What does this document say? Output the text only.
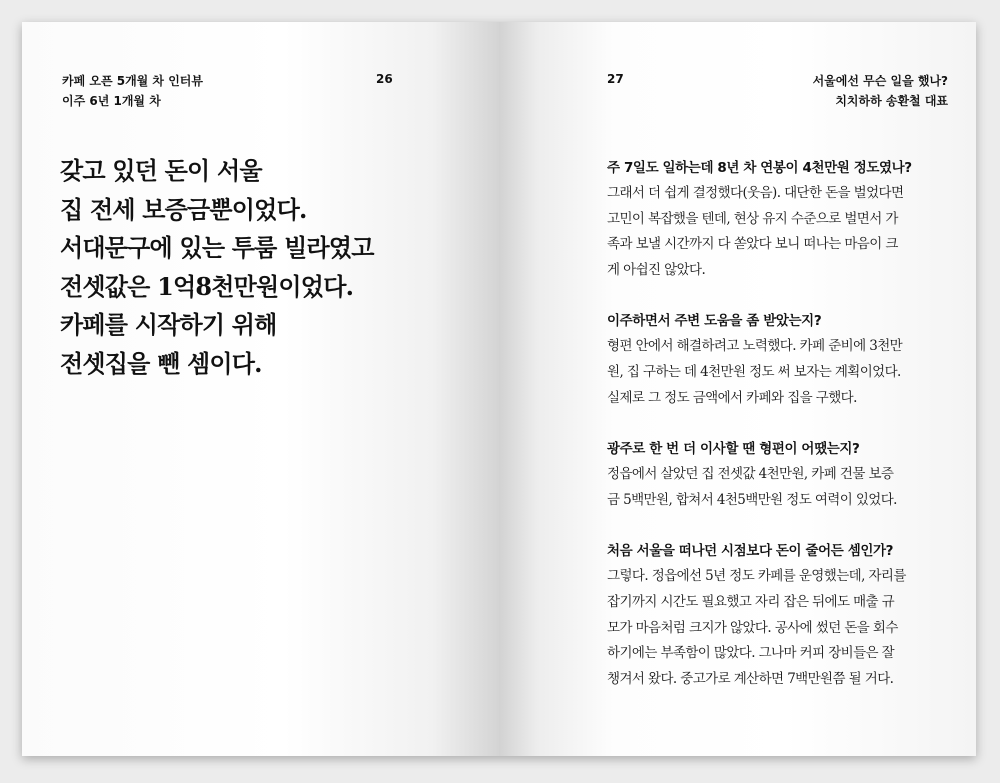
카페 오픈 5개월 차 인터뷰
이주 6년 1개월 차
26
갖고 있던 돈이 서울
집 전세 보증금뿐이었다.
서대문구에 있는 투룸 빌라였고
전셋값은 1억8천만원이었다.
카페를 시작하기 위해
전셋집을 뺀 셈이다.
27	서울에선 무슨 일을 했나?
치치하하 송환철 대표
주 7일도 일하는데 8년 차 연봉이 4천만원 정도였나?
그래서 더 쉽게 결정했다(웃음). 대단한 돈을 벌었다면
고민이 복잡했을 텐데, 현상 유지 수준으로 벌면서 가
족과 보낼 시간까지 다 쏟았다 보니 떠나는 마음이 크
게 아쉽진 않았다.
이주하면서 주변 도움을 좀 받았는지?
형편 안에서 해결하려고 노력했다. 카페 준비에 3천만
원, 집 구하는 데 4천만원 정도 써 보자는 계획이었다.
실제로 그 정도 금액에서 카페와 집을 구했다.
광주로 한 번 더 이사할 땐 형편이 어땠는지?
정읍에서 살았던 집 전셋값 4천만원, 카페 건물 보증
금 5백만원, 합쳐서 4천5백만원 정도 여력이 있었다.
처음 서울을 떠나던 시점보다 돈이 줄어든 셈인가?
그렇다. 정읍에선 5년 정도 카페를 운영했는데, 자리를
잡기까지 시간도 필요했고 자리 잡은 뒤에도 매출 규
모가 마음처럼 크지가 않았다. 공사에 썼던 돈을 회수
하기에는 부족함이 많았다. 그나마 커피 장비들은 잘
챙겨서 왔다. 중고가로 계산하면 7백만원쯤 될 거다.
